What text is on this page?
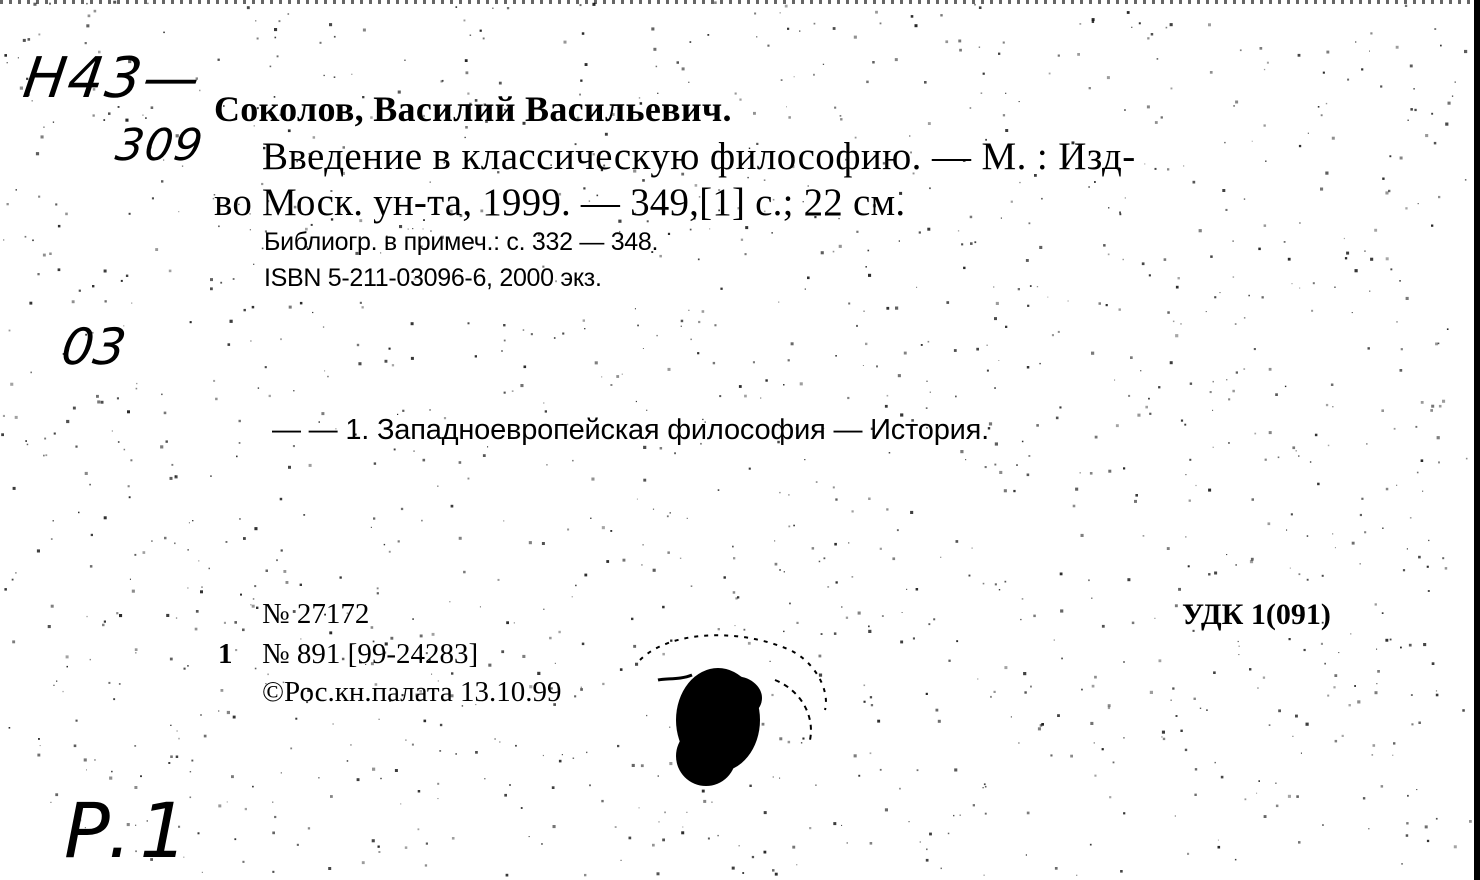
Н43—
309
Соколов, Василий Васильевич.
Введение в классическую философию. — М. : Изд-
во Моск. ун-та, 1999. — 349,[1] с.; 22 см.
Библиогр. в примеч.: с. 332 — 348.
ISBN 5-211-03096-6, 2000 экз.
03
— — 1. Западноевропейская философия — История.
№ 27172
1 № 891 [99-24283]
©Рос.кн.палата 13.10.99
УДК 1(091)
P.1
